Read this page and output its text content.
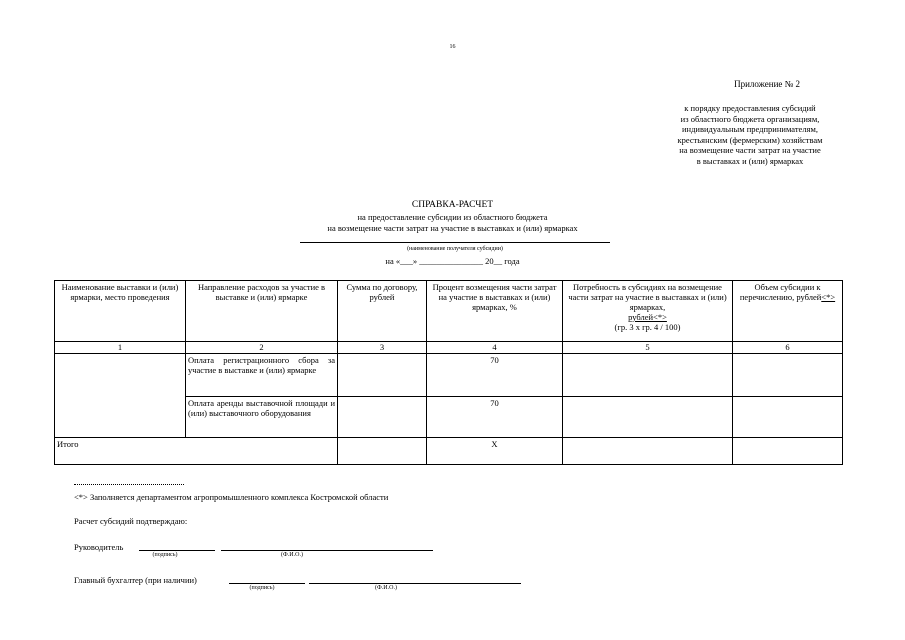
16
Приложение № 2
к порядку предоставления субсидий
из областного бюджета организациям,
индивидуальным предпринимателям,
крестьянским (фермерским) хозяйствам
на возмещение части затрат на участие
в выставках и (или) ярмарках
СПРАВКА-РАСЧЕТ
на предоставление субсидии из областного бюджета
на возмещение части затрат на участие в выставках и (или) ярмарках
(наименование получателя субсидии)
на «___» _______________ 20__ года
Наименование выставки и (или) ярмарки, место проведения	Направление расходов за участие в выставке и (или) ярмарке	Сумма по договору, рублей	Процент возмещения части затрат на участие в выставках и (или) ярмарках, %	Потребность в субсидиях на возмещение части затрат на участие в выставках и (или) ярмарках,
рублей<*>
(гр. 3 х гр. 4 / 100)	Объем субсидии к перечислению, рублей<*>
1	2	3	4	5	6
	Оплата регистрационного сбора за участие в выставке и (или) ярмарке		70		
	Оплата аренды выставочной площади и (или) выставочного оборудования		70		
Итого			Х		
<*> Заполняется департаментом агропромышленного комплекса Костромской области
Расчет субсидий подтверждаю:
Руководитель
(подпись)	(Ф.И.О.)
Главный бухгалтер (при наличии)
(подпись)	(Ф.И.О.)
